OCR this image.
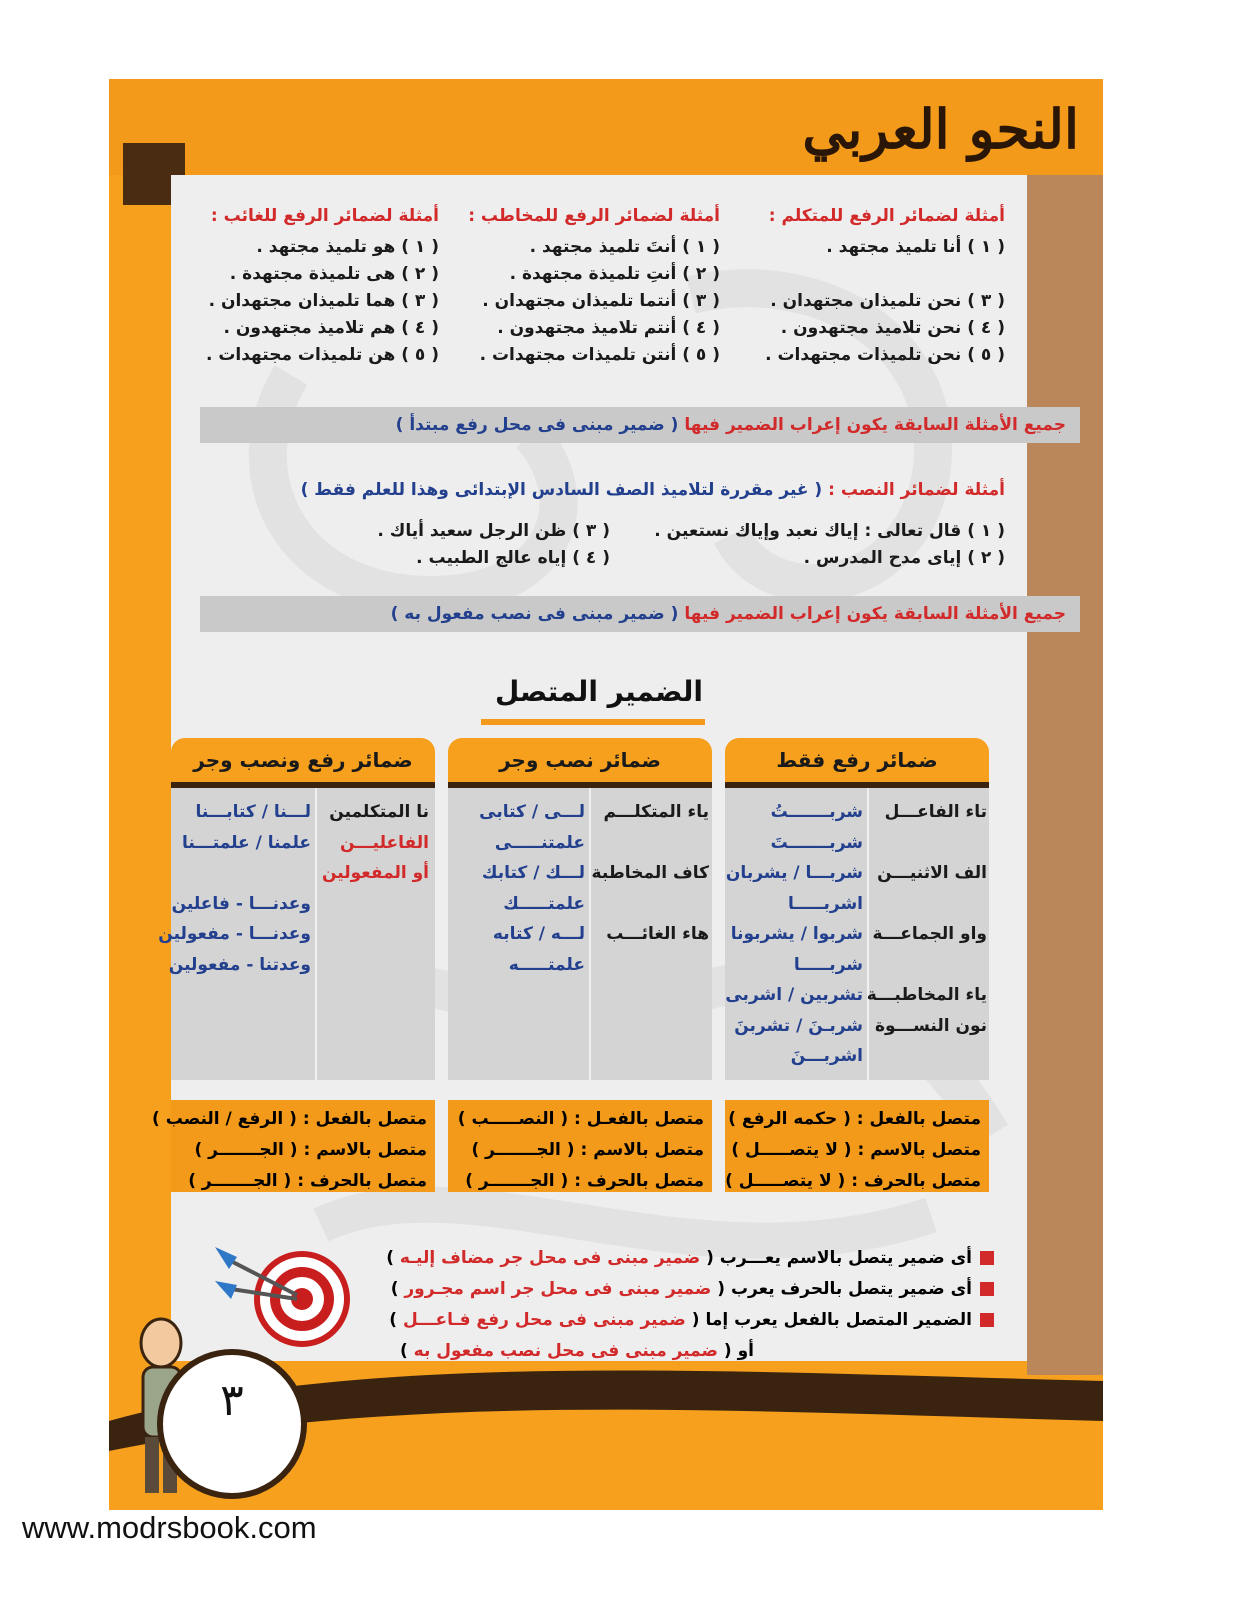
النحو العربي
أمثلة لضمائر الرفع للمتكلم :
( ١ ) أنا تلميذ مجتهد .
( ٣ ) نحن تلميذان مجتهدان .
( ٤ ) نحن تلاميذ مجتهدون .
( ٥ ) نحن تلميذات مجتهدات .
أمثلة لضمائر الرفع للمخاطب :
( ١ ) أنتَ تلميذ مجتهد .
( ٢ ) أنتِ تلميذة مجتهدة .
( ٣ ) أنتما تلميذان مجتهدان .
( ٤ ) أنتم تلاميذ مجتهدون .
( ٥ ) أنتن تلميذات مجتهدات .
أمثلة لضمائر الرفع للغائب :
( ١ ) هو تلميذ مجتهد .
( ٢ ) هى تلميذة مجتهدة .
( ٣ ) هما تلميذان مجتهدان .
( ٤ ) هم تلاميذ مجتهدون .
( ٥ ) هن تلميذات مجتهدات .
جميع الأمثلة السابقة يكون إعراب الضمير فيها ( ضمير مبنى فى محل رفع مبتدأ )
أمثلة لضمائر النصب : ( غير مقررة لتلاميذ الصف السادس الإبتدائى وهذا للعلم فقط )
( ١ ) قال تعالى : إياك نعبد وإياك نستعين .
( ٣ ) ظن الرجل سعيد أياك .
( ٢ ) إياى مدح المدرس .
( ٤ ) إياه عالج الطبيب .
جميع الأمثلة السابقة يكون إعراب الضمير فيها ( ضمير مبنى فى نصب مفعول به )
الضمير المتصل
ضمائر رفع فقط
ضمائر نصب وجر
ضمائر رفع ونصب وجر
تاء الفاعـــل
الف الاثنيـــن
واو الجماعـــة
ياء المخاطبـــة
نون النســـوة
شربـــــــتُ
شربـــــــتَ
شربـــا / يشربان
اشربـــــا
شربوا / يشربونا
شربـــــا
تشربين / اشربى
شربـنَ / تشربنَ
اشربـــنَ
ياء المتكلـــم
كاف المخاطبة
هاء الغائـــب
لـــى / كتابى
علمتنـــــى
لـــك / كتابك
علمتـــــك
لـــه / كتابه
علمتـــــه
نا المتكلمين
الفاعليـــن
أو المفعولين
لـــنا / كتابـــنا
علمنا / علمتـــنا
وعدنـــا - فاعلين
وعدنـــا - مفعولين
وعدتنا - مفعولين
متصل بالفعل : ( حكمه الرفع )
متصل بالاسم : ( لا يتصـــــل )
متصل بالحرف : ( لا يتصـــــل )
متصل بالفعـل : ( النصـــــب )
متصل بالاسم : ( الجـــــــر )
متصل بالحرف : ( الجـــــــر )
متصل بالفعل : ( الرفع / النصب )
متصل بالاسم : ( الجـــــــر )
متصل بالحرف : ( الجـــــــر )
أى ضمير يتصل بالاسم يعـــرب ( ضمير مبنى فى محل جر مضاف إليـه )
أى ضمير يتصل بالحرف يعرب ( ضمير مبنى فى محل جر اسم مجـرور )
الضمير المتصل بالفعل يعرب إما ( ضمير مبنى فى محل رفع فـاعـــل )
أو ( ضمير مبنى فى محل نصب مفعول به )
٣
www.modrsbook.com
